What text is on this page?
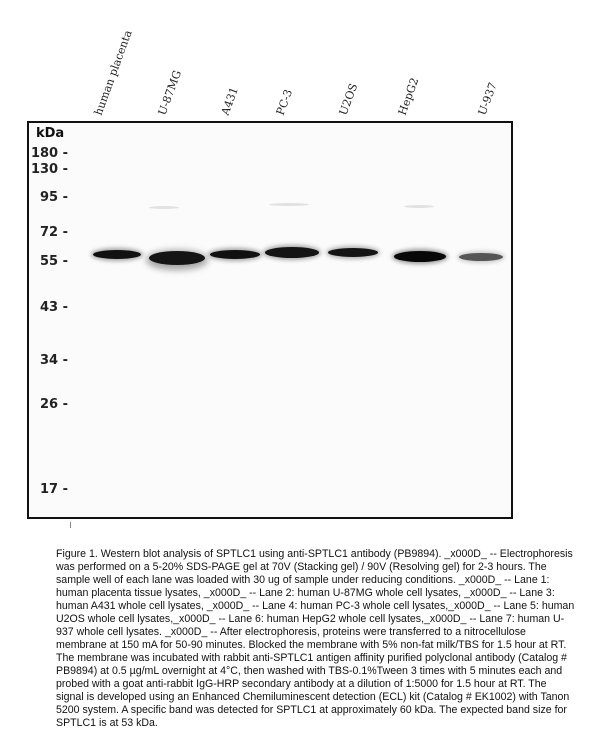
human placenta U-87MG	A431	PC-3	U2OS	HepG2	U-937
kDa
180 -
130 -
95 -
72 -
55 -
43 -
34 -
26 -
17 -
Figure 1. Western blot analysis of SPTLC1 using anti-SPTLC1 antibody (PB9894). _x000D_ -- Electrophoresis was performed on a 5-20% SDS-PAGE gel at 70V (Stacking gel) / 90V (Resolving gel) for 2-3 hours. The sample well of each lane was loaded with 30 ug of sample under reducing conditions. _x000D_ -- Lane 1: human placenta tissue lysates, _x000D_ -- Lane 2: human U-87MG whole cell lysates, _x000D_ -- Lane 3: human A431 whole cell lysates, _x000D_ -- Lane 4: human PC-3 whole cell lysates,_x000D_ -- Lane 5: human U2OS whole cell lysates,_x000D_ -- Lane 6: human HepG2 whole cell lysates,_x000D_ -- Lane 7: human U-937 whole cell lysates. _x000D_ -- After electrophoresis, proteins were transferred to a nitrocellulose membrane at 150 mA for 50-90 minutes. Blocked the membrane with 5% non-fat milk/TBS for 1.5 hour at RT. The membrane was incubated with rabbit anti-SPTLC1 antigen affinity purified polyclonal antibody (Catalog # PB9894) at 0.5 µg/mL overnight at 4°C, then washed with TBS-0.1%Tween 3 times with 5 minutes each and probed with a goat anti-rabbit IgG-HRP secondary antibody at a dilution of 1:5000 for 1.5 hour at RT. The signal is developed using an Enhanced Chemiluminescent detection (ECL) kit (Catalog # EK1002) with Tanon 5200 system. A specific band was detected for SPTLC1 at approximately 60 kDa. The expected band size for SPTLC1 is at 53 kDa.
